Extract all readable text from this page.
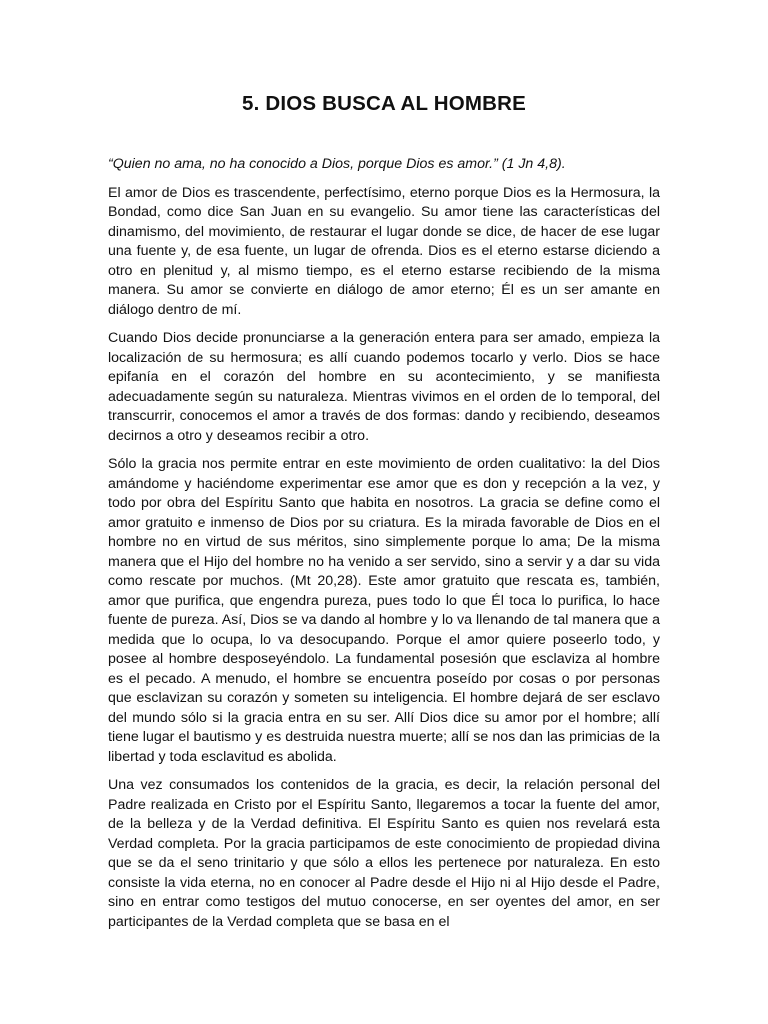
5. DIOS BUSCA AL HOMBRE

“Quien no ama, no ha conocido a Dios, porque Dios es amor.” (1 Jn 4,8).

El amor de Dios es trascendente, perfectísimo, eterno porque Dios es la Hermosura, la Bondad, como dice San Juan en su evangelio. Su amor tiene las características del dinamismo, del movimiento, de restaurar el lugar donde se dice, de hacer de ese lugar una fuente y, de esa fuente, un lugar de ofrenda. Dios es el eterno estarse diciendo a otro en plenitud y, al mismo tiempo, es el eterno estarse recibiendo de la misma manera. Su amor se convierte en diálogo de amor eterno; Él es un ser amante en diálogo dentro de mí.

Cuando Dios decide pronunciarse a la generación entera para ser amado, empieza la localización de su hermosura; es allí cuando podemos tocarlo y verlo. Dios se hace epifanía en el corazón del hombre en su acontecimiento, y se manifiesta adecuadamente según su naturaleza. Mientras vivimos en el orden de lo temporal, del transcurrir, conocemos el amor a través de dos formas: dando y recibiendo, deseamos decirnos a otro y deseamos recibir a otro.

Sólo la gracia nos permite entrar en este movimiento de orden cualitativo: la del Dios amándome y haciéndome experimentar ese amor que es don y recepción a la vez, y todo por obra del Espíritu Santo que habita en nosotros. La gracia se define como el amor gratuito e inmenso de Dios por su criatura. Es la mirada favorable de Dios en el hombre no en virtud de sus méritos, sino simplemente porque lo ama; De la misma manera que el Hijo del hombre no ha venido a ser servido, sino a servir y a dar su vida como rescate por muchos. (Mt 20,28). Este amor gratuito que rescata es, también, amor que purifica, que engendra pureza, pues todo lo que Él toca lo purifica, lo hace fuente de pureza. Así, Dios se va dando al hombre y lo va llenando de tal manera que a medida que lo ocupa, lo va desocupando. Porque el amor quiere poseerlo todo, y posee al hombre desposeyéndolo. La fundamental posesión que esclaviza al hombre es el pecado. A menudo, el hombre se encuentra poseído por cosas o por personas que esclavizan su corazón y someten su inteligencia. El hombre dejará de ser esclavo del mundo sólo si la gracia entra en su ser. Allí Dios dice su amor por el hombre; allí tiene lugar el bautismo y es destruida nuestra muerte; allí se nos dan las primicias de la libertad y toda esclavitud es abolida.

Una vez consumados los contenidos de la gracia, es decir, la relación personal del Padre realizada en Cristo por el Espíritu Santo, llegaremos a tocar la fuente del amor, de la belleza y de la Verdad definitiva. El Espíritu Santo es quien nos revelará esta Verdad completa. Por la gracia participamos de este conocimiento de propiedad divina que se da el seno trinitario y que sólo a ellos les pertenece por naturaleza. En esto consiste la vida eterna, no en conocer al Padre desde el Hijo ni al Hijo desde el Padre, sino en entrar como testigos del mutuo conocerse, en ser oyentes del amor, en ser participantes de la Verdad completa que se basa en el
